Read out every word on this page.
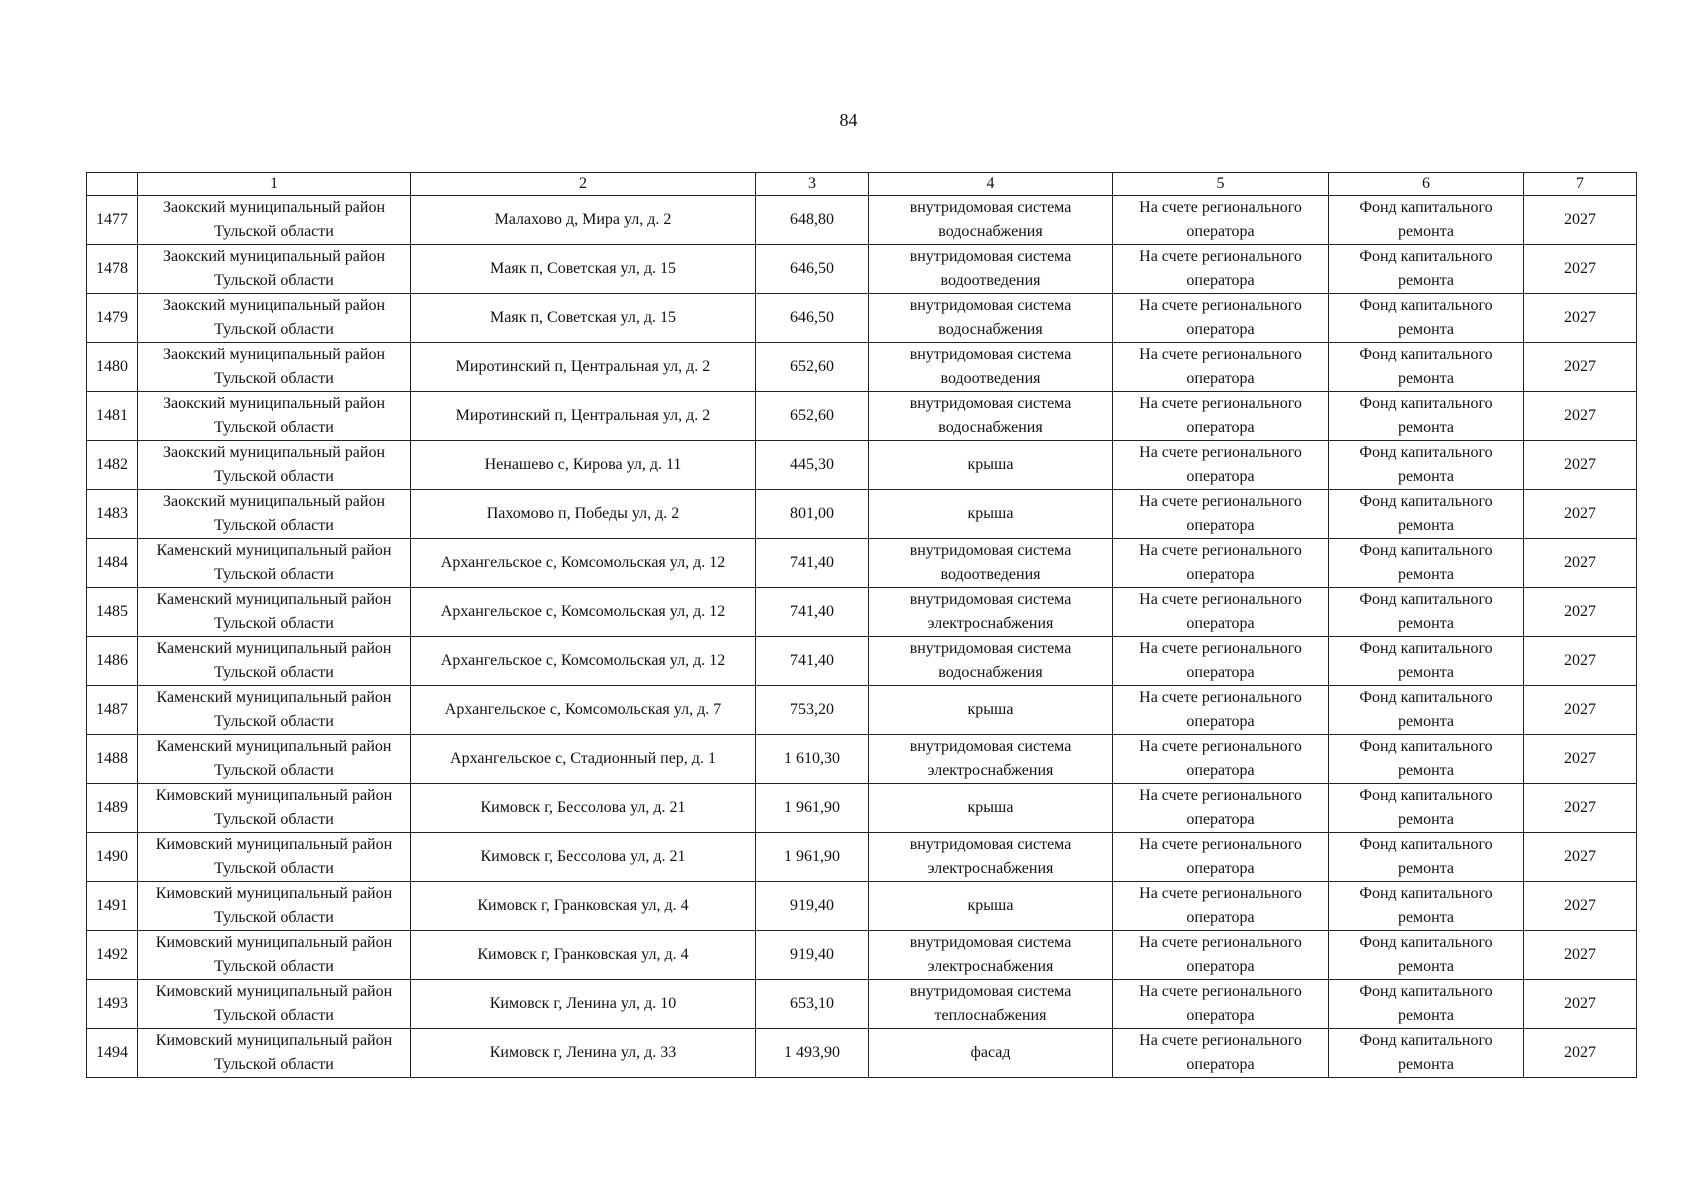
84
	1	2	3	4	5	6	7
1477	Заокский муниципальный район Тульской области	Малахово д, Мира ул, д. 2	648,80	внутридомовая система водоснабжения	На счете регионального оператора	Фонд капитального ремонта	2027
1478	Заокский муниципальный район Тульской области	Маяк п, Советская ул, д. 15	646,50	внутридомовая система водоотведения	На счете регионального оператора	Фонд капитального ремонта	2027
1479	Заокский муниципальный район Тульской области	Маяк п, Советская ул, д. 15	646,50	внутридомовая система водоснабжения	На счете регионального оператора	Фонд капитального ремонта	2027
1480	Заокский муниципальный район Тульской области	Миротинский п, Центральная ул, д. 2	652,60	внутридомовая система водоотведения	На счете регионального оператора	Фонд капитального ремонта	2027
1481	Заокский муниципальный район Тульской области	Миротинский п, Центральная ул, д. 2	652,60	внутридомовая система водоснабжения	На счете регионального оператора	Фонд капитального ремонта	2027
1482	Заокский муниципальный район Тульской области	Ненашево с, Кирова ул, д. 11	445,30	крыша	На счете регионального оператора	Фонд капитального ремонта	2027
1483	Заокский муниципальный район Тульской области	Пахомово п, Победы ул, д. 2	801,00	крыша	На счете регионального оператора	Фонд капитального ремонта	2027
1484	Каменский муниципальный район Тульской области	Архангельское с, Комсомольская ул, д. 12	741,40	внутридомовая система водоотведения	На счете регионального оператора	Фонд капитального ремонта	2027
1485	Каменский муниципальный район Тульской области	Архангельское с, Комсомольская ул, д. 12	741,40	внутридомовая система электроснабжения	На счете регионального оператора	Фонд капитального ремонта	2027
1486	Каменский муниципальный район Тульской области	Архангельское с, Комсомольская ул, д. 12	741,40	внутридомовая система водоснабжения	На счете регионального оператора	Фонд капитального ремонта	2027
1487	Каменский муниципальный район Тульской области	Архангельское с, Комсомольская ул, д. 7	753,20	крыша	На счете регионального оператора	Фонд капитального ремонта	2027
1488	Каменский муниципальный район Тульской области	Архангельское с, Стадионный пер, д. 1	1 610,30	внутридомовая система электроснабжения	На счете регионального оператора	Фонд капитального ремонта	2027
1489	Кимовский муниципальный район Тульской области	Кимовск г, Бессолова ул, д. 21	1 961,90	крыша	На счете регионального оператора	Фонд капитального ремонта	2027
1490	Кимовский муниципальный район Тульской области	Кимовск г, Бессолова ул, д. 21	1 961,90	внутридомовая система электроснабжения	На счете регионального оператора	Фонд капитального ремонта	2027
1491	Кимовский муниципальный район Тульской области	Кимовск г, Гранковская ул, д. 4	919,40	крыша	На счете регионального оператора	Фонд капитального ремонта	2027
1492	Кимовский муниципальный район Тульской области	Кимовск г, Гранковская ул, д. 4	919,40	внутридомовая система электроснабжения	На счете регионального оператора	Фонд капитального ремонта	2027
1493	Кимовский муниципальный район Тульской области	Кимовск г, Ленина ул, д. 10	653,10	внутридомовая система теплоснабжения	На счете регионального оператора	Фонд капитального ремонта	2027
1494	Кимовский муниципальный район Тульской области	Кимовск г, Ленина ул, д. 33	1 493,90	фасад	На счете регионального оператора	Фонд капитального ремонта	2027
